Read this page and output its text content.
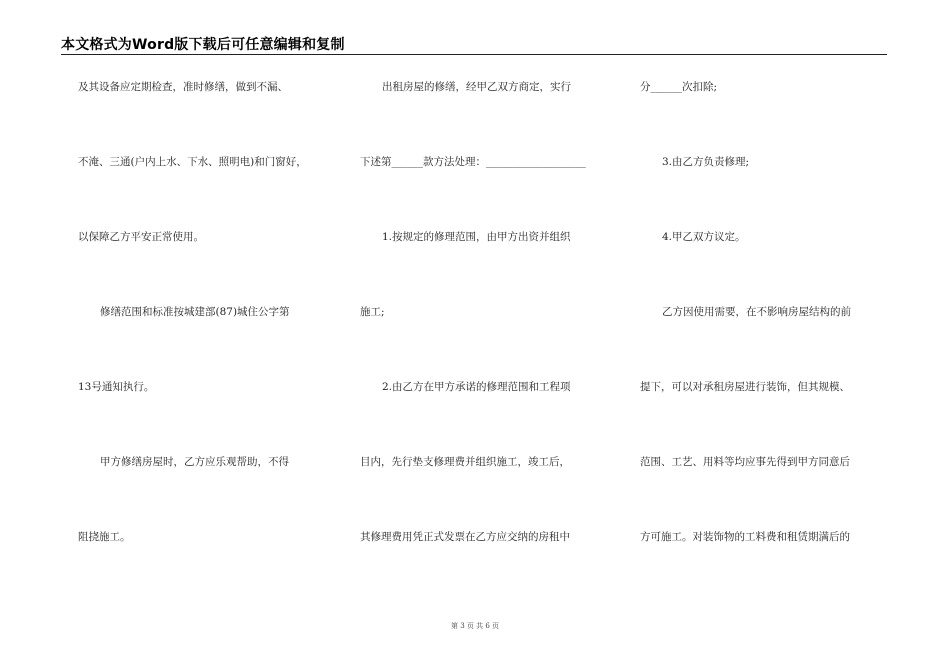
本文格式为Word版下载后可任意编辑和复制
及其设备应定期检查，准时修缮，做到不漏、
不淹、三通(户内上水、下水、照明电)和门窗好，
以保障乙方平安正常使用。
修缮范围和标准按城建部(87)城住公字第
13号通知执行。
甲方修缮房屋时，乙方应乐观帮助，不得
阻挠施工。
出租房屋的修缮，经甲乙双方商定，实行
下述第______款方法处理：___________________
1.按规定的修理范围，由甲方出资并组织
施工;
2.由乙方在甲方承诺的修理范围和工程项
目内，先行垫支修理费并组织施工，竣工后，
其修理费用凭正式发票在乙方应交纳的房租中
分______次扣除;
3.由乙方负责修理;
4.甲乙双方议定。
乙方因使用需要，在不影响房屋结构的前
提下，可以对承租房屋进行装饰，但其规模、
范围、工艺、用料等均应事先得到甲方同意后
方可施工。对装饰物的工料费和租赁期满后的
第 3 页 共 6 页
